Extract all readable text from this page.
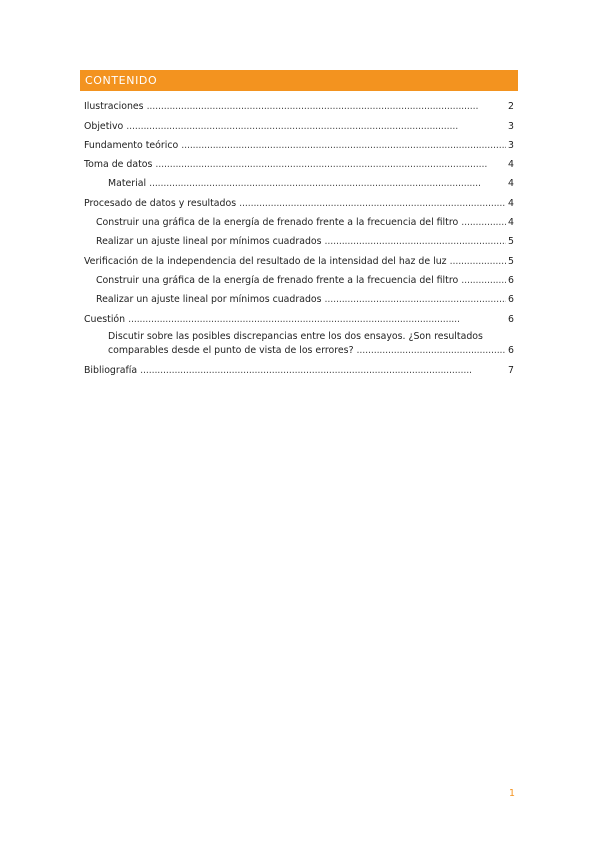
CONTENIDO
Ilustraciones . . .	2
Objetivo . . .	3
Fundamento teórico . . .	3
Toma de datos . . .	4
Material . . .	4
Procesado de datos y resultados . . .	4
Construir una gráfica de la energía de frenado frente a la frecuencia del filtro . . .	4
Realizar un ajuste lineal por mínimos cuadrados . . .	5
Verificación de la independencia del resultado de la intensidad del haz de luz . . .	5
Construir una gráfica de la energía de frenado frente a la frecuencia del filtro . . .	6
Realizar un ajuste lineal por mínimos cuadrados . . .	6
Cuestión . . .	6
Discutir sobre las posibles discrepancias entre los dos ensayos. ¿Son resultados
comparables desde el punto de vista de los errores? . . .	6
Bibliografía . . .	7
1
